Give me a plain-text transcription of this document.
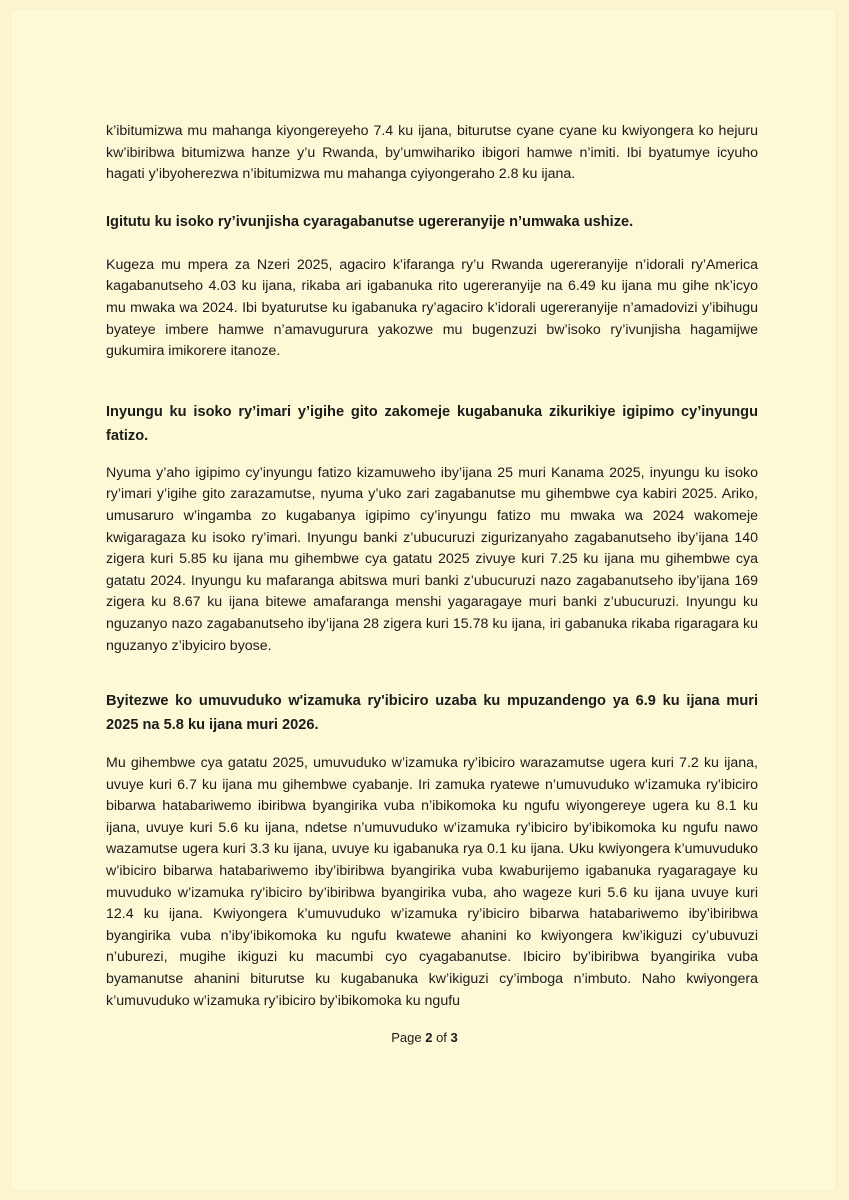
k’ibitumizwa mu mahanga kiyongereyeho 7.4 ku ijana, biturutse cyane cyane ku kwiyongera ko hejuru kw’ibiribwa bitumizwa hanze y’u Rwanda, by’umwihariko ibigori hamwe n’imiti. Ibi byatumye icyuho hagati y’ibyoherezwa n’ibitumizwa mu mahanga cyiyongeraho 2.8 ku ijana.

Igitutu ku isoko ry’ivunjisha cyaragabanutse ugereranyije n’umwaka ushize.

Kugeza mu mpera za Nzeri 2025, agaciro k’ifaranga ry’u Rwanda ugereranyije n’idorali ry’America kagabanutseho 4.03 ku ijana, rikaba ari igabanuka rito ugereranyije na 6.49 ku ijana mu gihe nk’icyo mu mwaka wa 2024. Ibi byaturutse ku igabanuka ry’agaciro k’idorali ugereranyije n’amadovizi y’ibihugu byateye imbere hamwe n’amavugurura yakozwe mu bugenzuzi bw’isoko ry’ivunjisha hagamijwe gukumira imikorere itanoze.

Inyungu ku isoko ry’imari y’igihe gito zakomeje kugabanuka zikurikiye igipimo cy’inyungu fatizo.

Nyuma y’aho igipimo cy’inyungu fatizo kizamuweho iby’ijana 25 muri Kanama 2025, inyungu ku isoko ry’imari y’igihe gito zarazamutse, nyuma y’uko zari zagabanutse mu gihembwe cya kabiri 2025. Ariko, umusaruro w’ingamba zo kugabanya igipimo cy’inyungu fatizo mu mwaka wa 2024 wakomeje kwigaragaza ku isoko ry’imari. Inyungu banki z’ubucuruzi zigurizanyaho zagabanutseho iby’ijana 140 zigera kuri 5.85 ku ijana mu gihembwe cya gatatu 2025 zivuye kuri 7.25 ku ijana mu gihembwe cya gatatu 2024. Inyungu ku mafaranga abitswa muri banki z’ubucuruzi nazo zagabanutseho iby’ijana 169 zigera ku 8.67 ku ijana bitewe amafaranga menshi yagaragaye muri banki z’ubucuruzi. Inyungu ku nguzanyo nazo zagabanutseho iby’ijana 28 zigera kuri 15.78 ku ijana, iri gabanuka rikaba rigaragara ku nguzanyo z’ibyiciro byose.

Byitezwe ko umuvuduko w'izamuka ry'ibiciro uzaba ku mpuzandengo ya 6.9 ku ijana muri 2025 na 5.8 ku ijana muri 2026.

Mu gihembwe cya gatatu 2025, umuvuduko w’izamuka ry’ibiciro warazamutse ugera kuri 7.2 ku ijana, uvuye kuri 6.7 ku ijana mu gihembwe cyabanje. Iri zamuka ryatewe n’umuvuduko w’izamuka ry’ibiciro bibarwa hatabariwemo ibiribwa byangirika vuba n’ibikomoka ku ngufu wiyongereye ugera ku 8.1 ku ijana, uvuye kuri 5.6 ku ijana, ndetse n’umuvuduko w’izamuka ry’ibiciro by’ibikomoka ku ngufu nawo wazamutse ugera kuri 3.3 ku ijana, uvuye ku igabanuka rya 0.1 ku ijana. Uku kwiyongera k’umuvuduko w’ibiciro bibarwa hatabariwemo iby’ibiribwa byangirika vuba kwaburijemo igabanuka ryagaragaye ku muvuduko w’izamuka ry’ibiciro by’ibiribwa byangirika vuba, aho wageze kuri 5.6 ku ijana uvuye kuri 12.4 ku ijana. Kwiyongera k’umuvuduko w’izamuka ry’ibiciro bibarwa hatabariwemo iby’ibiribwa byangirika vuba n’iby’ibikomoka ku ngufu kwatewe ahanini ko kwiyongera kw’ikiguzi cy’ubuvuzi n’uburezi, mugihe ikiguzi ku macumbi cyo cyagabanutse. Ibiciro by’ibiribwa byangirika vuba byamanutse ahanini biturutse ku kugabanuka kw’ikiguzi cy’imboga n’imbuto. Naho kwiyongera k’umuvuduko w’izamuka ry’ibiciro by’ibikomoka ku ngufu

Page 2 of 3
